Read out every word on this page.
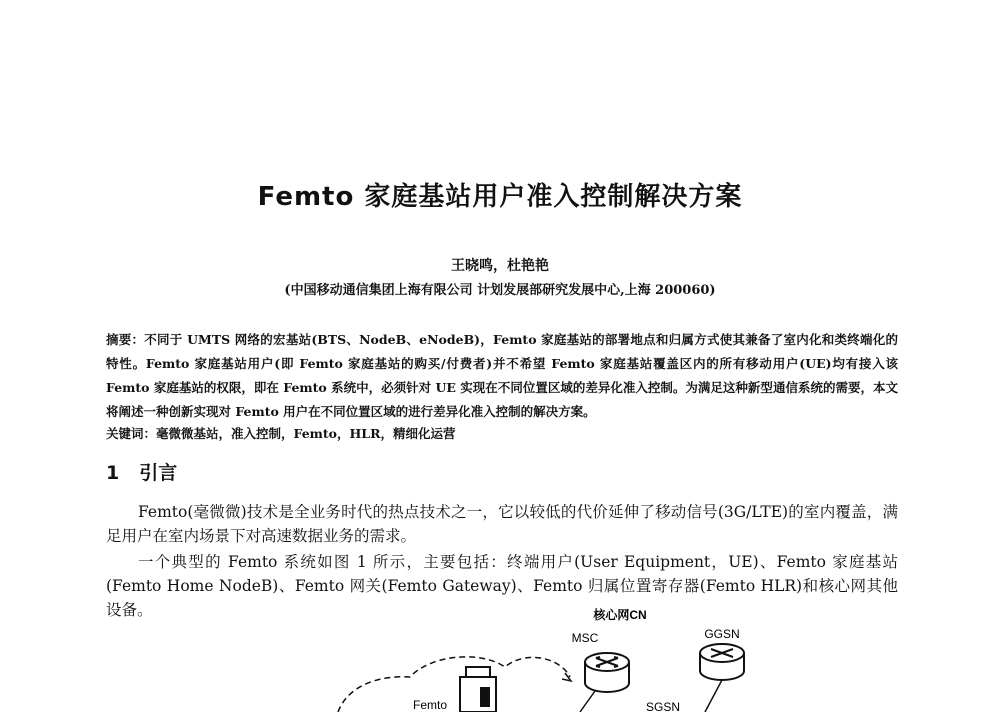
Femto 家庭基站用户准入控制解决方案
王晓鸣，杜艳艳
(中国移动通信集团上海有限公司 计划发展部研究发展中心,上海 200060)
摘要：不同于 UMTS 网络的宏基站(BTS、NodeB、eNodeB)，Femto 家庭基站的部署地点和归属方式使其兼备了室内化和类终端化的特性。Femto 家庭基站用户(即 Femto 家庭基站的购买/付费者)并不希望 Femto 家庭基站覆盖区内的所有移动用户(UE)均有接入该 Femto 家庭基站的权限，即在 Femto 系统中，必须针对 UE 实现在不同位置区域的差异化准入控制。为满足这种新型通信系统的需要，本文将阐述一种创新实现对 Femto 用户在不同位置区域的进行差异化准入控制的解决方案。
关键词：毫微微基站，准入控制，Femto，HLR，精细化运营
1 引言
Femto(毫微微)技术是全业务时代的热点技术之一，它以较低的代价延伸了移动信号(3G/LTE)的室内覆盖，满足用户在室内场景下对高速数据业务的需求。
一个典型的 Femto 系统如图 1 所示，主要包括：终端用户(User Equipment，UE)、Femto 家庭基站(Femto Home NodeB)、Femto 网关(Femto Gateway)、Femto 归属位置寄存器(Femto HLR)和核心网其他设备。	核心网CN
MSC	GGSN
SGSN
Femto
